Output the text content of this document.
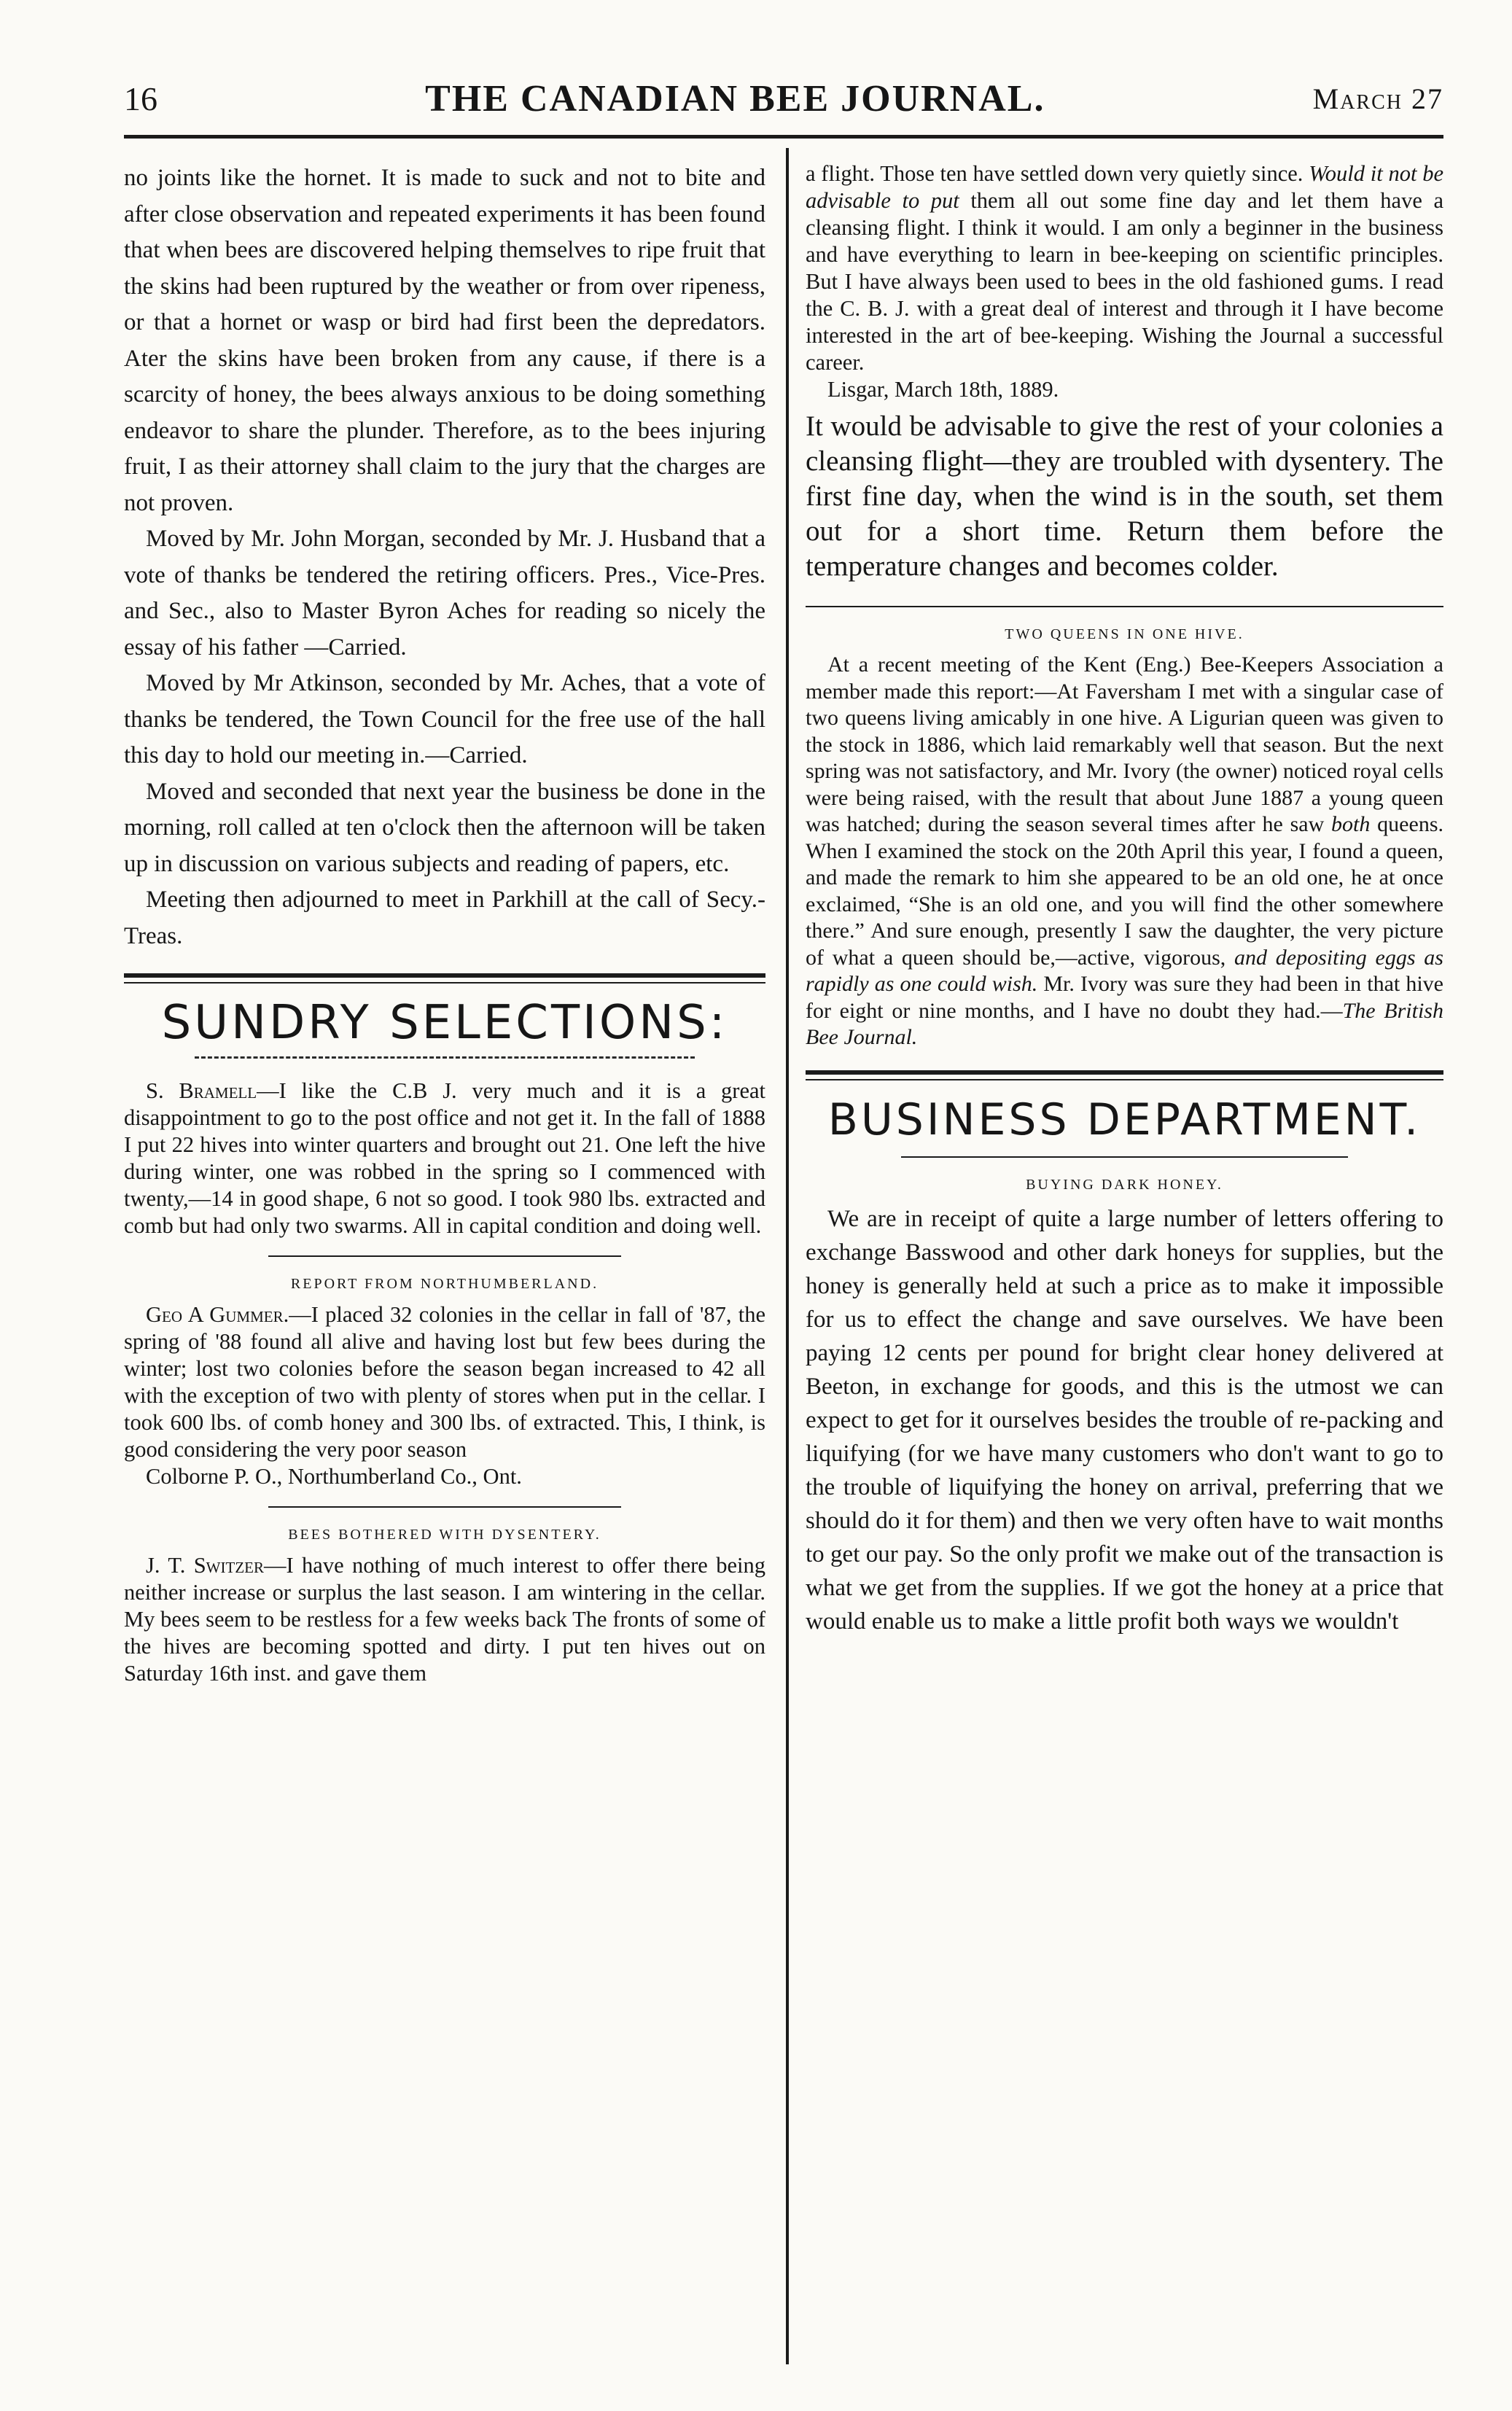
16	THE CANADIAN BEE JOURNAL.	March 27

no joints like the hornet. It is made to suck and not to bite and after close observation and repeated experiments it has been found that when bees are discovered helping themselves to ripe fruit that the skins had been ruptured by the weather or from over ripeness, or that a hornet or wasp or bird had first been the depredators. Ater the skins have been broken from any cause, if there is a scarcity of honey, the bees always anxious to be doing something endeavor to share the plunder. Therefore, as to the bees injuring fruit, I as their attorney shall claim to the jury that the charges are not proven.

Moved by Mr. John Morgan, seconded by Mr. J. Husband that a vote of thanks be tendered the retiring officers. Pres., Vice-Pres. and Sec., also to Master Byron Aches for reading so nicely the essay of his father —Carried.

Moved by Mr Atkinson, seconded by Mr. Aches, that a vote of thanks be tendered, the Town Council for the free use of the hall this day to hold our meeting in.—Carried.

Moved and seconded that next year the business be done in the morning, roll called at ten o'clock then the afternoon will be taken up in discussion on various subjects and reading of papers, etc.

Meeting then adjourned to meet in Parkhill at the call of Secy.-Treas.

SUNDRY SELECTIONS:

S. Bramell—I like the C.B J. very much and it is a great disappointment to go to the post office and not get it. In the fall of 1888 I put 22 hives into winter quarters and brought out 21. One left the hive during winter, one was robbed in the spring so I commenced with twenty,—14 in good shape, 6 not so good. I took 980 lbs. extracted and comb but had only two swarms. All in capital condition and doing well.

REPORT FROM NORTHUMBERLAND.

Geo A Gummer.—I placed 32 colonies in the cellar in fall of '87, the spring of '88 found all alive and having lost but few bees during the winter; lost two colonies before the season began increased to 42 all with the exception of two with plenty of stores when put in the cellar. I took 600 lbs. of comb honey and 300 lbs. of extracted. This, I think, is good considering the very poor season

Colborne P. O., Northumberland Co., Ont.

BEES BOTHERED WITH DYSENTERY.

J. T. Switzer—I have nothing of much interest to offer there being neither increase or surplus the last season. I am wintering in the cellar. My bees seem to be restless for a few weeks back The fronts of some of the hives are becoming spotted and dirty. I put ten hives out on Saturday 16th inst. and gave them

a flight. Those ten have settled down very quietly since. Would it not be advisable to put them all out some fine day and let them have a cleansing flight. I think it would. I am only a beginner in the business and have everything to learn in bee-keeping on scientific principles. But I have always been used to bees in the old fashioned gums. I read the C. B. J. with a great deal of interest and through it I have become interested in the art of bee-keeping. Wishing the Journal a successful career.

Lisgar, March 18th, 1889.

It would be advisable to give the rest of your colonies a cleansing flight—they are troubled with dysentery. The first fine day, when the wind is in the south, set them out for a short time. Return them before the temperature changes and becomes colder.

TWO QUEENS IN ONE HIVE.

At a recent meeting of the Kent (Eng.) Bee-Keepers Association a member made this report:—At Faversham I met with a singular case of two queens living amicably in one hive. A Ligurian queen was given to the stock in 1886, which laid remarkably well that season. But the next spring was not satisfactory, and Mr. Ivory (the owner) noticed royal cells were being raised, with the result that about June 1887 a young queen was hatched; during the season several times after he saw both queens. When I examined the stock on the 20th April this year, I found a queen, and made the remark to him she appeared to be an old one, he at once exclaimed, “She is an old one, and you will find the other somewhere there.” And sure enough, presently I saw the daughter, the very picture of what a queen should be,—active, vigorous, and depositing eggs as rapidly as one could wish. Mr. Ivory was sure they had been in that hive for eight or nine months, and I have no doubt they had.—The British Bee Journal.

BUSINESS DEPARTMENT.
BUYING DARK HONEY.

We are in receipt of quite a large number of letters offering to exchange Basswood and other dark honeys for supplies, but the honey is generally held at such a price as to make it impossible for us to effect the change and save ourselves. We have been paying 12 cents per pound for bright clear honey delivered at Beeton, in exchange for goods, and this is the utmost we can expect to get for it ourselves besides the trouble of re-packing and liquifying (for we have many customers who don't want to go to the trouble of liquifying the honey on arrival, preferring that we should do it for them) and then we very often have to wait months to get our pay. So the only profit we make out of the transaction is what we get from the supplies. If we got the honey at a price that would enable us to make a little profit both ways we wouldn't
